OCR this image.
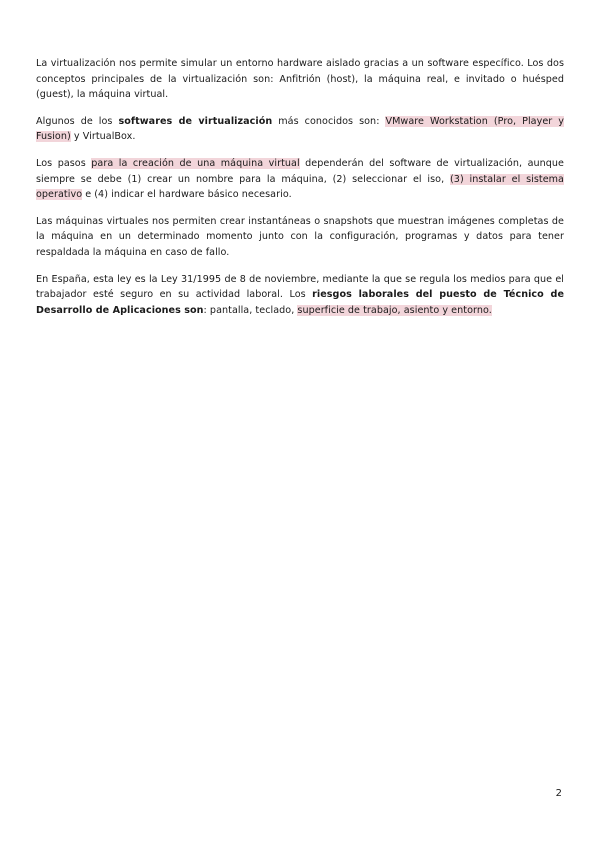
La virtualización nos permite simular un entorno hardware aislado gracias a un software específico. Los dos conceptos principales de la virtualización son: Anfitrión (host), la máquina real, e invitado o huésped (guest), la máquina virtual.

Algunos de los softwares de virtualización más conocidos son: VMware Workstation (Pro, Player y Fusion) y VirtualBox.

Los pasos para la creación de una máquina virtual dependerán del software de virtualización, aunque siempre se debe (1) crear un nombre para la máquina, (2) seleccionar el iso, (3) instalar el sistema operativo e (4) indicar el hardware básico necesario.

Las máquinas virtuales nos permiten crear instantáneas o snapshots que muestran imágenes completas de la máquina en un determinado momento junto con la configuración, programas y datos para tener respaldada la máquina en caso de fallo.

En España, esta ley es la Ley 31/1995 de 8 de noviembre, mediante la que se regula los medios para que el trabajador esté seguro en su actividad laboral. Los riesgos laborales del puesto de Técnico de Desarrollo de Aplicaciones son: pantalla, teclado, superficie de trabajo, asiento y entorno.

2
